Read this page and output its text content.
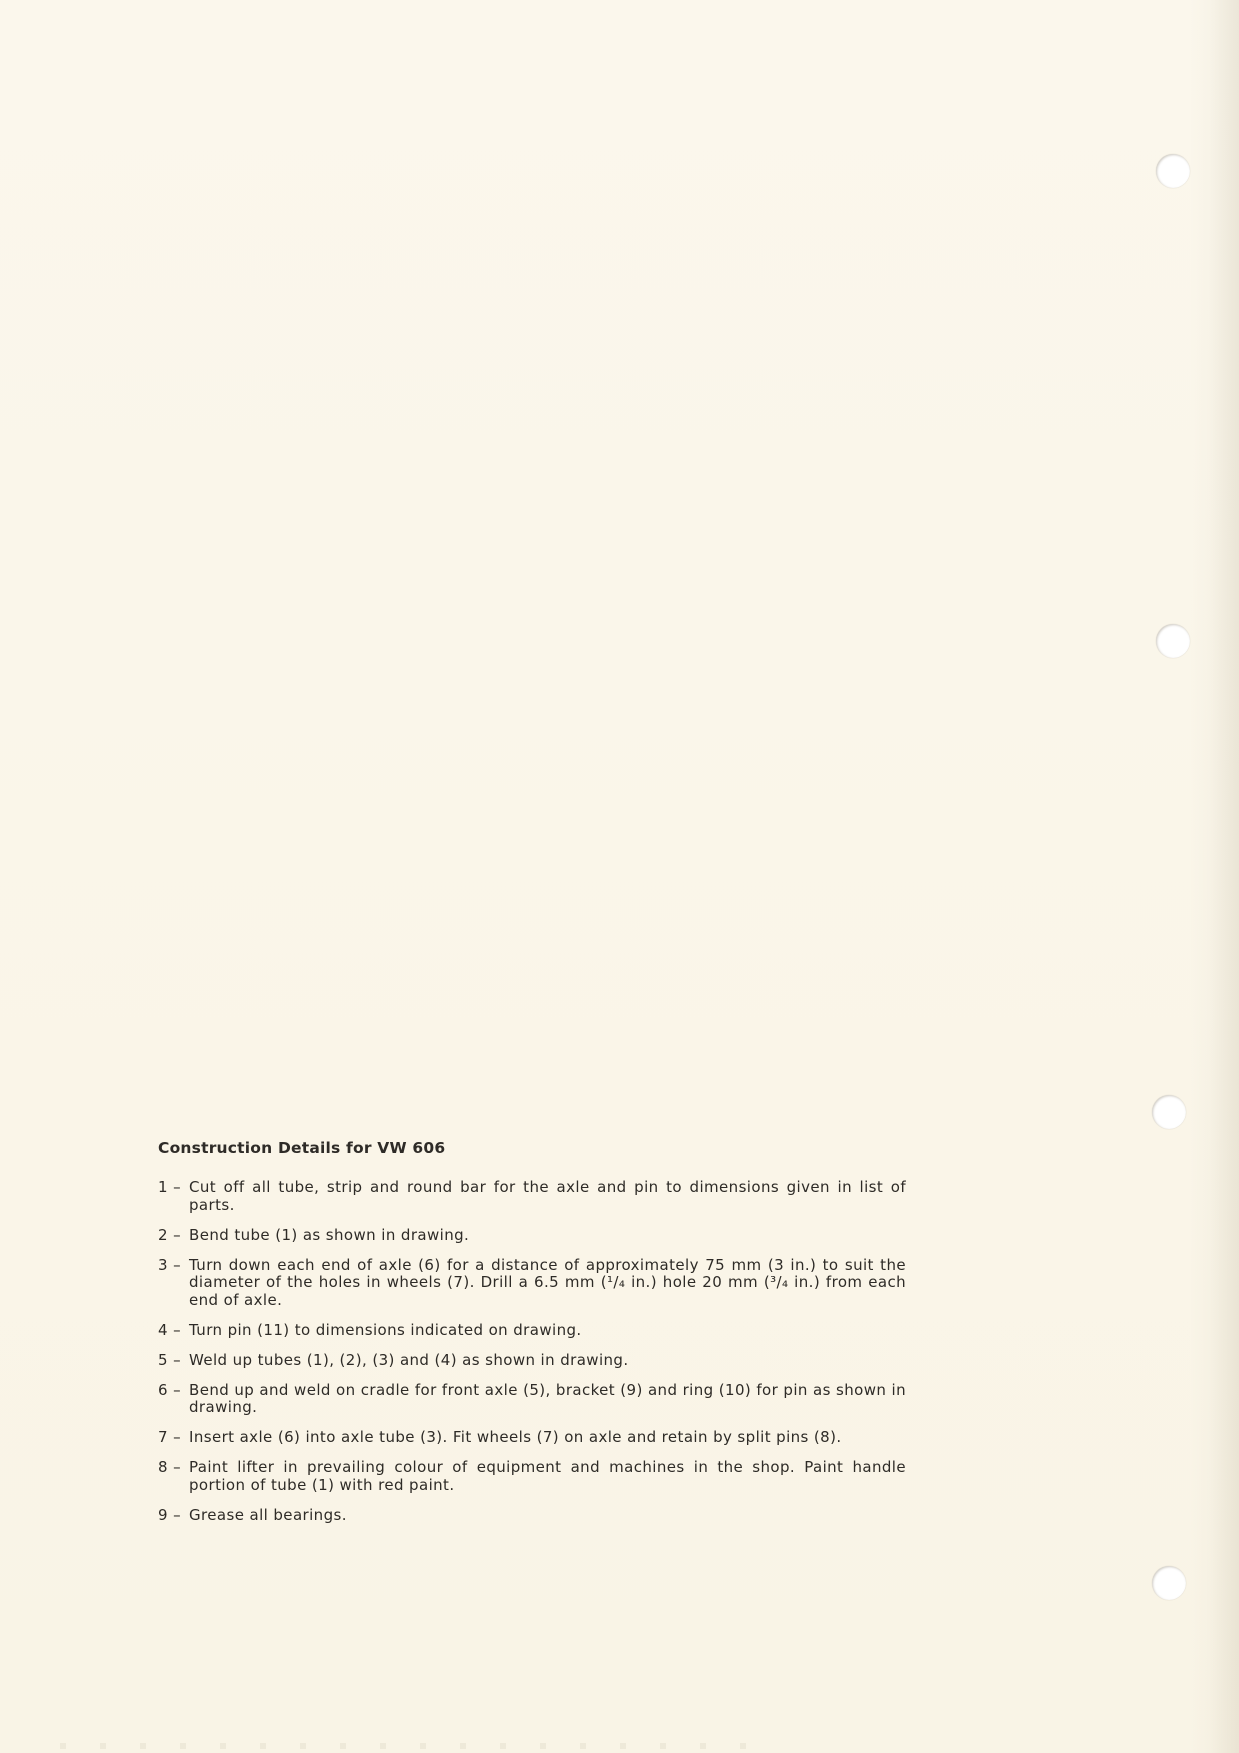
Construction Details for VW 606
1 – Cut off all tube, strip and round bar for the axle and pin to dimensions given in list of parts.
2 – Bend tube (1) as shown in drawing.
3 – Turn down each end of axle (6) for a distance of approximately 75 mm (3 in.) to suit the diameter of the holes in wheels (7). Drill a 6.5 mm (¹/₄ in.) hole 20 mm (³/₄ in.) from each end of axle.
4 – Turn pin (11) to dimensions indicated on drawing.
5 – Weld up tubes (1), (2), (3) and (4) as shown in drawing.
6 – Bend up and weld on cradle for front axle (5), bracket (9) and ring (10) for pin as shown in drawing.
7 – Insert axle (6) into axle tube (3). Fit wheels (7) on axle and retain by split pins (8).
8 – Paint lifter in prevailing colour of equipment and machines in the shop. Paint handle portion of tube (1) with red paint.
9 – Grease all bearings.
